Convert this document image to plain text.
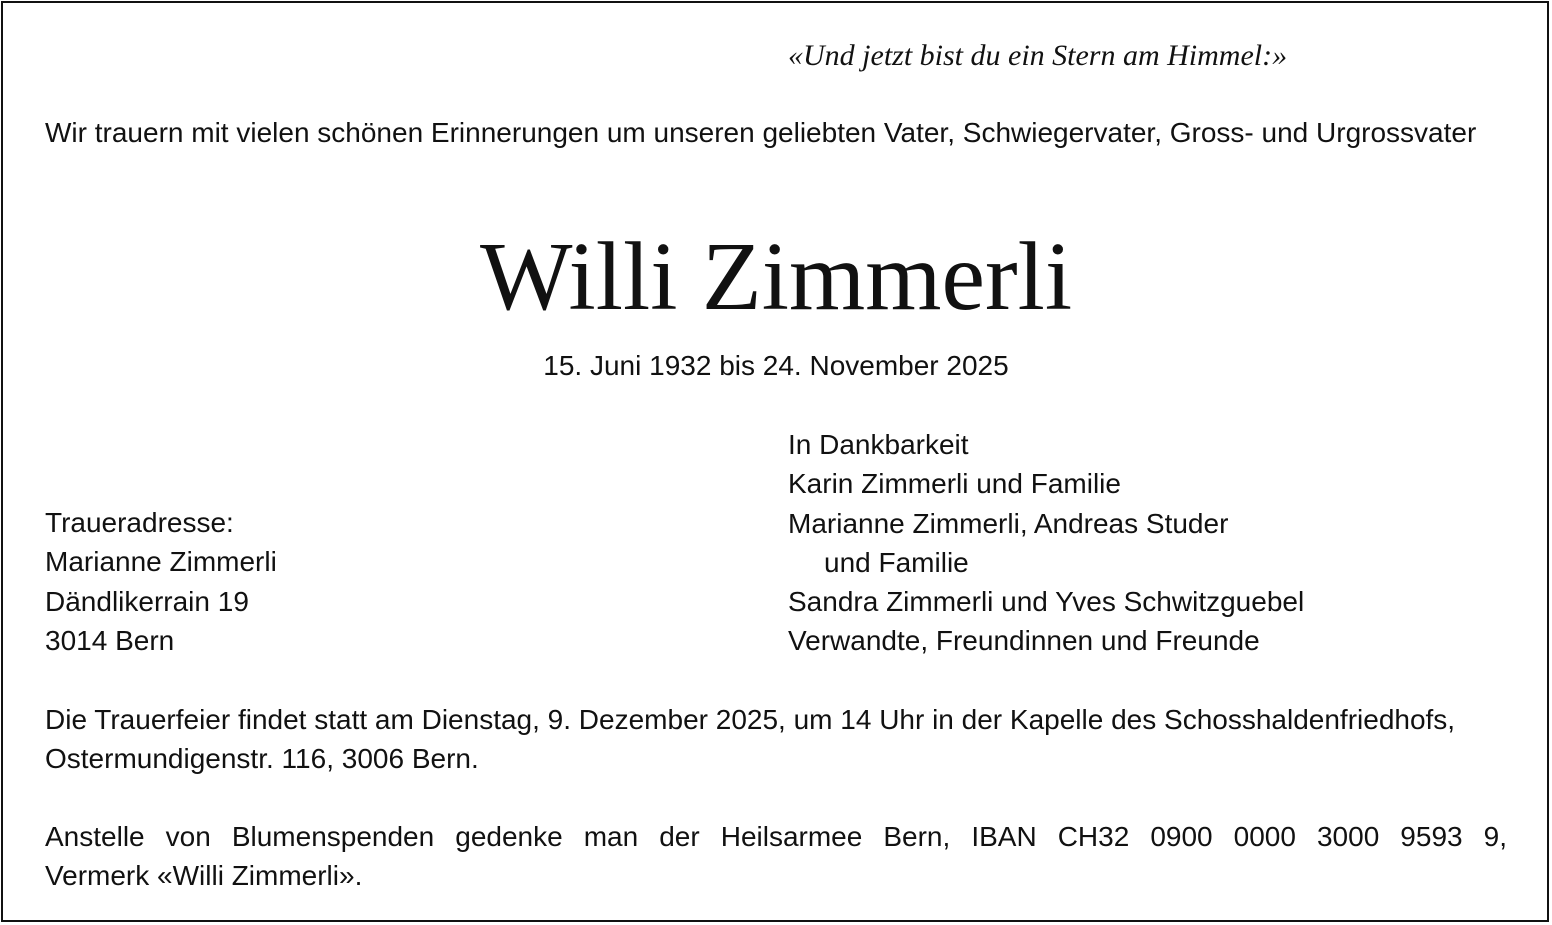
«Und jetzt bist du ein Stern am Himmel:»
Wir trauern mit vielen schönen Erinnerungen um unseren geliebten Vater, Schwiegervater, Gross- und Urgrossvater
Willi Zimmerli
15. Juni 1932 bis 24. November 2025
In Dankbarkeit
Karin Zimmerli und Familie
Marianne Zimmerli, Andreas Studer
und Familie
Sandra Zimmerli und Yves Schwitzguebel
Verwandte, Freundinnen und Freunde
Traueradresse:
Marianne Zimmerli
Dändlikerrain 19
3014 Bern
Die Trauerfeier findet statt am Dienstag, 9. Dezember 2025, um 14 Uhr in der Kapelle des Schosshaldenfriedhofs,
Ostermundigenstr. 116, 3006 Bern.
Anstelle von Blumenspenden gedenke man der Heilsarmee Bern, IBAN CH32 0900 0000 3000 9593 9,
Vermerk «Willi Zimmerli».
